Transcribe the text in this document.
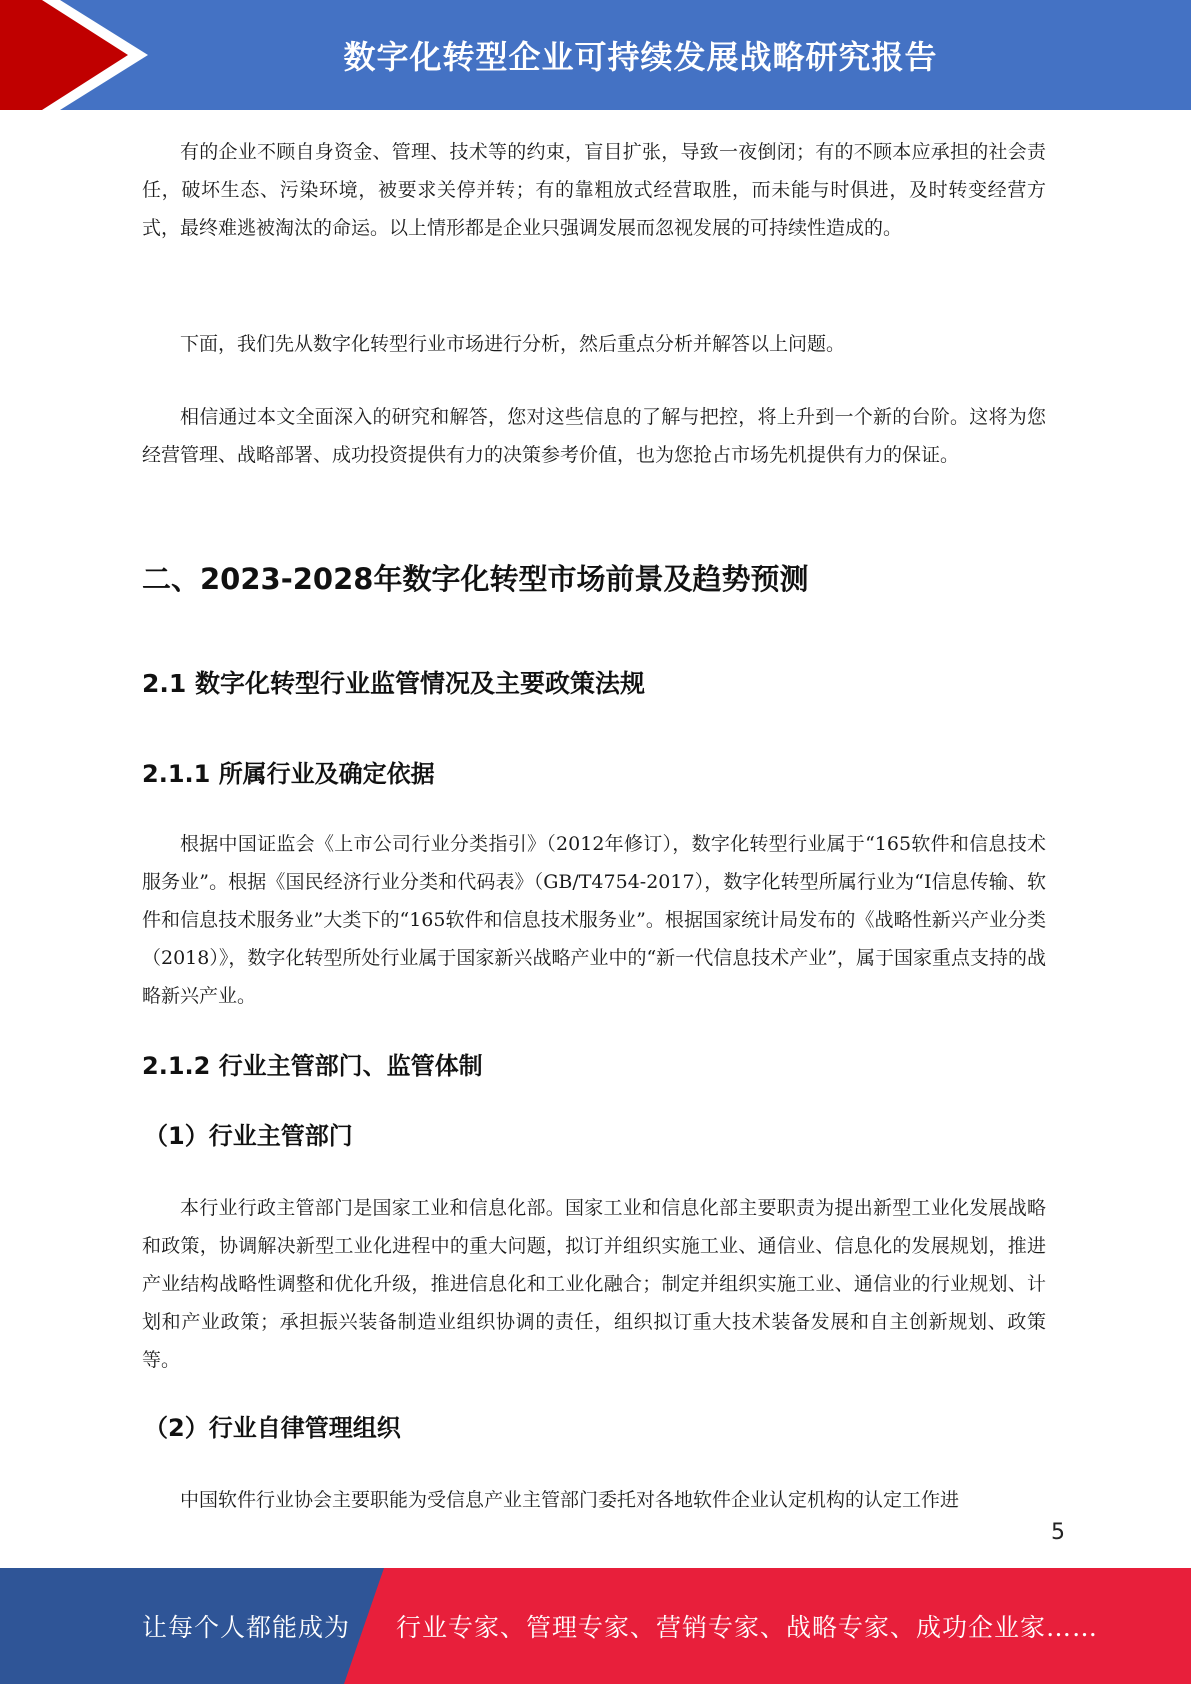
数字化转型企业可持续发展战略研究报告

有的企业不顾自身资金、管理、技术等的约束，盲目扩张，导致一夜倒闭；有的不顾本应承担的社会责任，破坏生态、污染环境，被要求关停并转；有的靠粗放式经营取胜，而未能与时俱进，及时转变经营方式，最终难逃被淘汰的命运。以上情形都是企业只强调发展而忽视发展的可持续性造成的。

下面，我们先从数字化转型行业市场进行分析，然后重点分析并解答以上问题。

相信通过本文全面深入的研究和解答，您对这些信息的了解与把控，将上升到一个新的台阶。这将为您经营管理、战略部署、成功投资提供有力的决策参考价值，也为您抢占市场先机提供有力的保证。

二、2023-2028年数字化转型市场前景及趋势预测
2.1 数字化转型行业监管情况及主要政策法规
2.1.1 所属行业及确定依据

根据中国证监会《上市公司行业分类指引》（2012年修订），数字化转型行业属于“165软件和信息技术服务业”。根据《国民经济行业分类和代码表》（GB/T4754-2017），数字化转型所属行业为“I信息传输、软件和信息技术服务业”大类下的“165软件和信息技术服务业”。根据国家统计局发布的《战略性新兴产业分类（2018）》，数字化转型所处行业属于国家新兴战略产业中的“新一代信息技术产业”，属于国家重点支持的战略新兴产业。

2.1.2 行业主管部门、监管体制
（1）行业主管部门

本行业行政主管部门是国家工业和信息化部。国家工业和信息化部主要职责为提出新型工业化发展战略和政策，协调解决新型工业化进程中的重大问题，拟订并组织实施工业、通信业、信息化的发展规划，推进产业结构战略性调整和优化升级，推进信息化和工业化融合；制定并组织实施工业、通信业的行业规划、计划和产业政策；承担振兴装备制造业组织协调的责任，组织拟订重大技术装备发展和自主创新规划、政策等。

（2）行业自律管理组织

中国软件行业协会主要职能为受信息产业主管部门委托对各地软件企业认定机构的认定工作进

5
让每个人都能成为 行业专家、管理专家、营销专家、战略专家、成功企业家……
